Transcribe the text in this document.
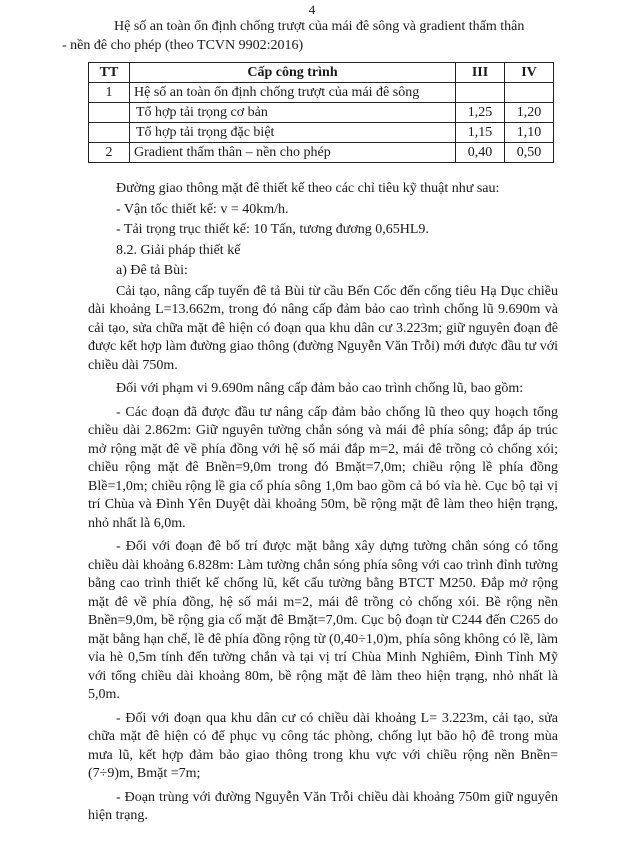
4
Hệ số an toàn ổn định chống trượt của mái đê sông và gradient thấm thân
- nền đê cho phép (theo TCVN 9902:2016)
TT	Cấp công trình	III	IV
1	Hệ số an toàn ổn định chống trượt của mái đê sông		
	Tổ hợp tải trọng cơ bản	1,25	1,20
	Tổ hợp tải trọng đặc biệt	1,15	1,10
2	Gradient thấm thân – nền cho phép	0,40	0,50

Đường giao thông mặt đê thiết kế theo các chỉ tiêu kỹ thuật như sau:

- Vận tốc thiết kế: v = 40km/h.

- Tải trọng trục thiết kế: 10 Tấn, tương đương 0,65HL9.

8.2. Giải pháp thiết kế

a) Đê tả Bùi:

Cải tạo, nâng cấp tuyến đê tả Bùi từ cầu Bến Cốc đến cống tiêu Hạ Dục chiều dài khoảng L=13.662m, trong đó nâng cấp đảm bảo cao trình chống lũ 9.690m và cải tạo, sửa chữa mặt đê hiện có đoạn qua khu dân cư 3.223m; giữ nguyên đoạn đê được kết hợp làm đường giao thông (đường Nguyễn Văn Trỗi) mới được đầu tư với chiều dài 750m.

Đối với phạm vi 9.690m nâng cấp đảm bảo cao trình chống lũ, bao gồm:

- Các đoạn đã được đầu tư nâng cấp đảm bảo chống lũ theo quy hoạch tổng chiều dài 2.862m: Giữ nguyên tường chắn sóng và mái đê phía sông; đắp áp trúc mở rộng mặt đê về phía đồng với hệ số mái đắp m=2, mái đê trồng cỏ chống xói; chiều rộng mặt đê Bnền=9,0m trong đó Bmặt=7,0m; chiều rộng lề phía đồng Blề=1,0m; chiều rộng lề gia cố phía sông 1,0m bao gồm cả bó vỉa hè. Cục bộ tại vị trí Chùa và Đình Yên Duyệt dài khoảng 50m, bề rộng mặt đê làm theo hiện trạng, nhỏ nhất là 6,0m.

- Đối với đoạn đê bố trí được mặt bằng xây dựng tường chắn sóng có tổng chiều dài khoảng 6.828m: Làm tường chắn sóng phía sông với cao trình đỉnh tường bằng cao trình thiết kế chống lũ, kết cấu tường bằng BTCT M250. Đắp mở rộng mặt đê về phía đồng, hệ số mái m=2, mái đê trồng cỏ chống xói. Bề rộng nền Bnền=9,0m, bề rộng gia cố mặt đê Bmặt=7,0m. Cục bộ đoạn từ C244 đến C265 do mặt bằng hạn chế, lề đê phía đồng rộng từ (0,40÷1,0)m, phía sông không có lề, làm vỉa hè 0,5m tính đến tường chắn và tại vị trí Chùa Minh Nghiêm, Đình Tỉnh Mỹ với tổng chiều dài khoảng 80m, bề rộng mặt đê làm theo hiện trạng, nhỏ nhất là 5,0m.

- Đối với đoạn qua khu dân cư có chiều dài khoảng L= 3.223m, cải tạo, sửa chữa mặt đê hiện có để phục vụ công tác phòng, chống lụt bão hộ đê trong mùa mưa lũ, kết hợp đảm bảo giao thông trong khu vực với chiều rộng nền Bnền=(7÷9)m, Bmặt =7m;

- Đoạn trùng với đường Nguyễn Văn Trỗi chiều dài khoảng 750m giữ nguyên hiện trạng.
